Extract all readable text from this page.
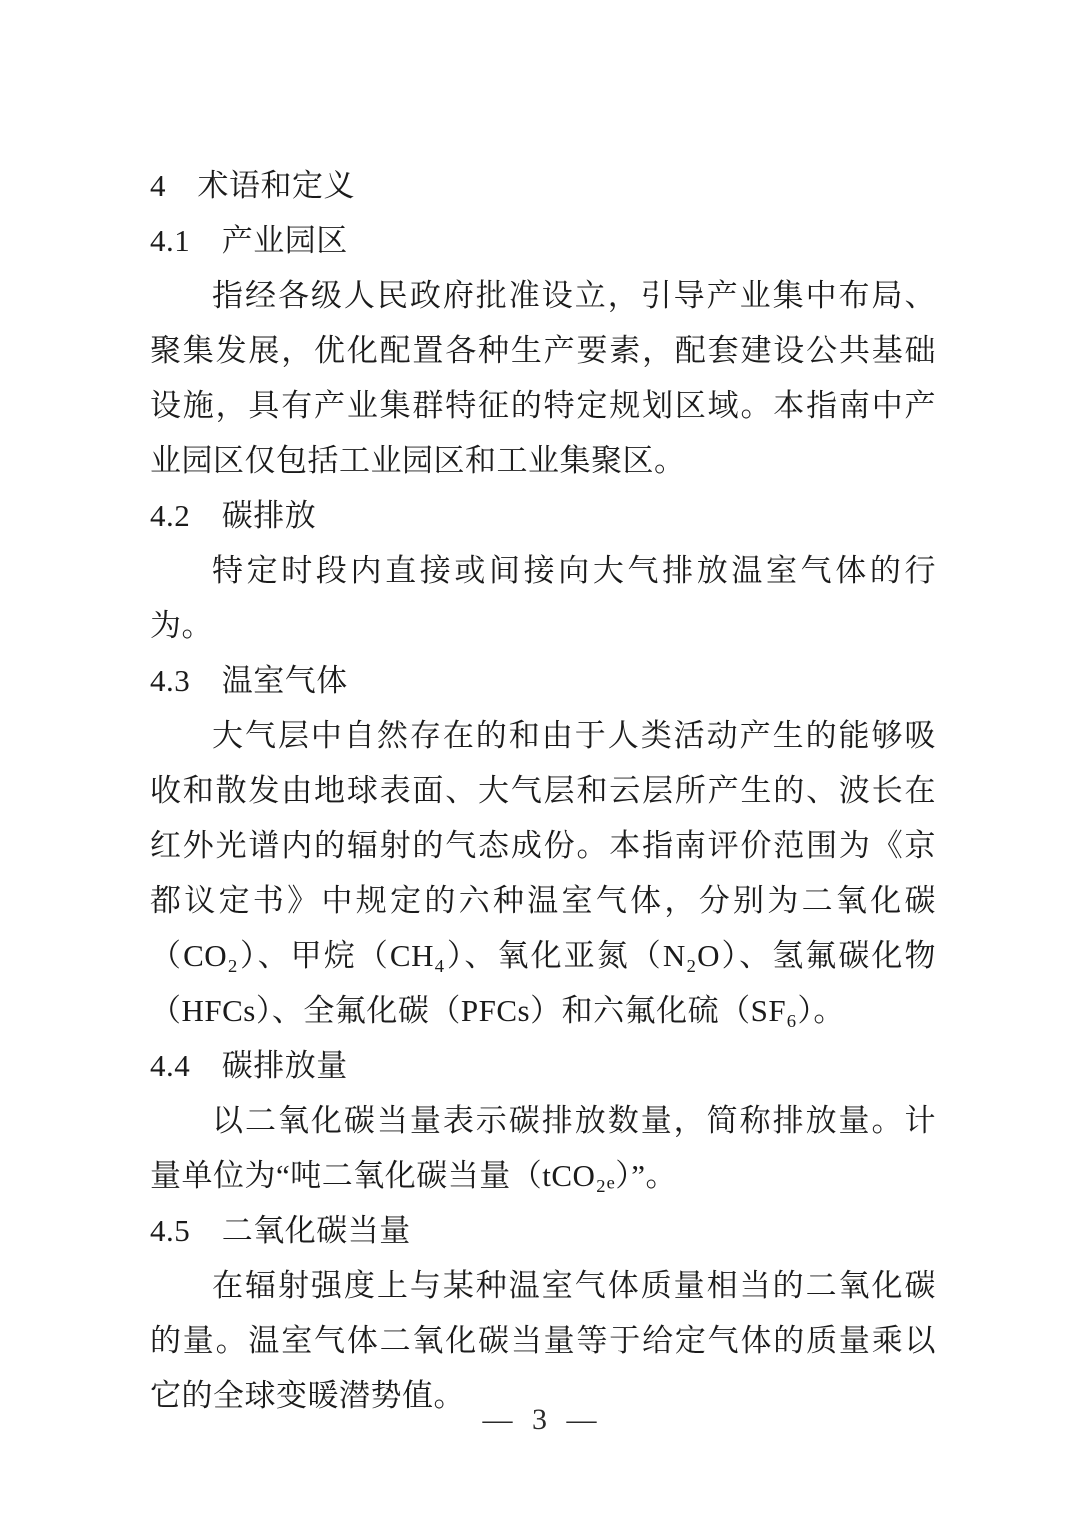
4　术语和定义
4.1　产业园区

指经各级人民政府批准设立，引导产业集中布局、聚集发展，优化配置各种生产要素，配套建设公共基础设施，具有产业集群特征的特定规划区域。本指南中产业园区仅包括工业园区和工业集聚区。

4.2　碳排放

特定时段内直接或间接向大气排放温室气体的行为。

4.3　温室气体

大气层中自然存在的和由于人类活动产生的能够吸收和散发由地球表面、大气层和云层所产生的、波长在红外光谱内的辐射的气态成份。本指南评价范围为《京都议定书》中规定的六种温室气体，分别为二氧化碳（CO₂）、甲烷（CH₄）、氧化亚氮（N₂O）、氢氟碳化物（HFCs）、全氟化碳（PFCs）和六氟化硫（SF₆）。

4.4　碳排放量

以二氧化碳当量表示碳排放数量，简称排放量。计量单位为“吨二氧化碳当量（tCO₂ₑ）”。

4.5　二氧化碳当量

在辐射强度上与某种温室气体质量相当的二氧化碳的量。温室气体二氧化碳当量等于给定气体的质量乘以它的全球变暖潜势值。

— 3 —
